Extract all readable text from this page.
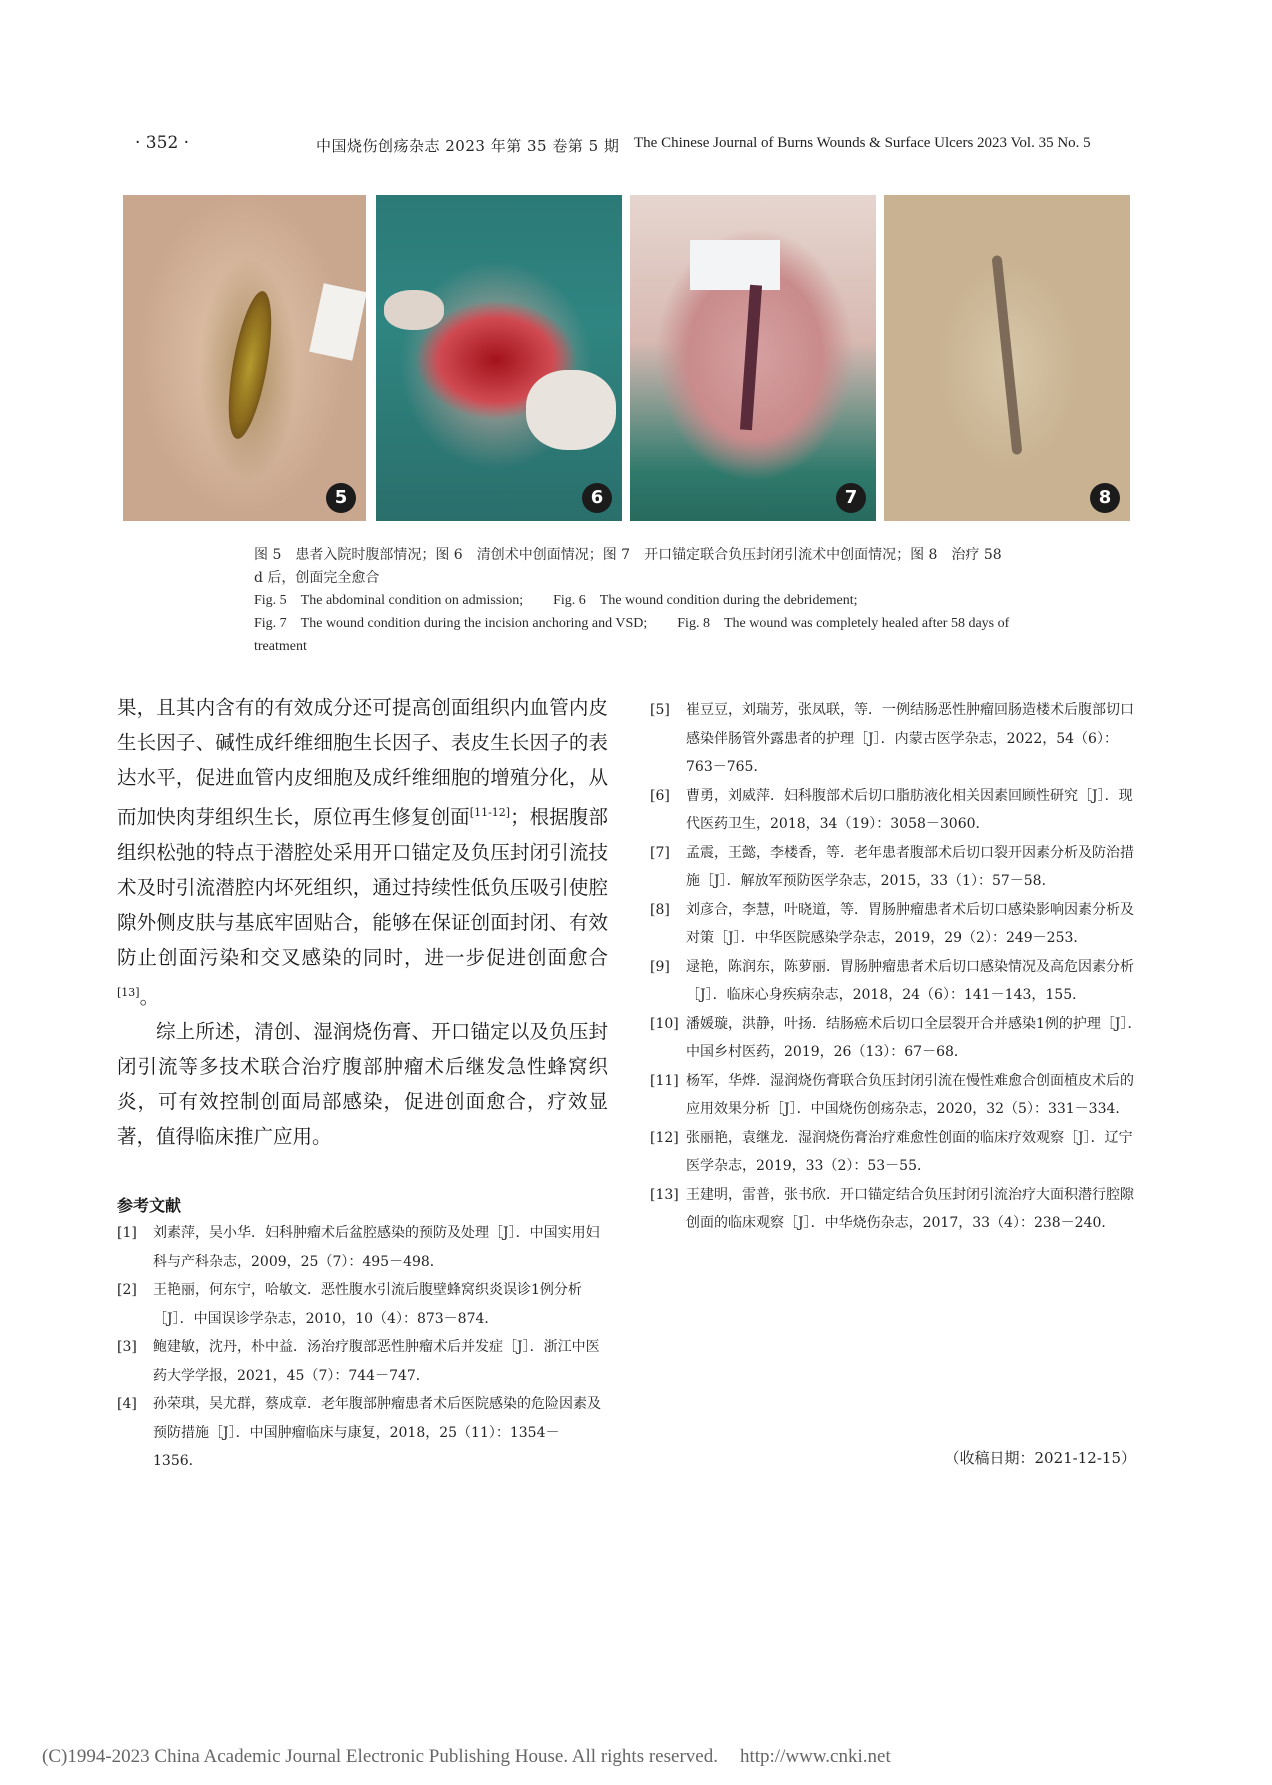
· 352 ·	中国烧伤创疡杂志 2023 年第 35 卷第 5 期 The Chinese Journal of Burns Wounds & Surface Ulcers 2023 Vol. 35 No. 5
5	6	7	8
图 5　患者入院时腹部情况；图 6　清创术中创面情况；图 7　开口锚定联合负压封闭引流术中创面情况；图 8　治疗 58 d 后，创面完全愈合
Fig. 5　The abdominal condition on admission; Fig. 6　The wound condition during the debridement;
Fig. 7　The wound condition during the incision anchoring and VSD; Fig. 8　The wound was completely healed after 58 days of treatment

果，且其内含有的有效成分还可提高创面组织内血管内皮生长因子、碱性成纤维细胞生长因子、表皮生长因子的表达水平，促进血管内皮细胞及成纤维细胞的增殖分化，从而加快肉芽组织生长，原位再生修复创面[11-12]；根据腹部组织松弛的特点于潜腔处采用开口锚定及负压封闭引流技术及时引流潜腔内坏死组织，通过持续性低负压吸引使腔隙外侧皮肤与基底牢固贴合，能够在保证创面封闭、有效防止创面污染和交叉感染的同时，进一步促进创面愈合[13]。

综上所述，清创、湿润烧伤膏、开口锚定以及负压封闭引流等多技术联合治疗腹部肿瘤术后继发急性蜂窝织炎，可有效控制创面局部感染，促进创面愈合，疗效显著，值得临床推广应用。

参考文献

[1] 刘素萍，吴小华．妇科肿瘤术后盆腔感染的预防及处理［J］．中国实用妇科与产科杂志，2009，25（7）：495－498．

[2] 王艳丽，何东宁，哈敏文．恶性腹水引流后腹壁蜂窝织炎误诊1例分析［J］．中国误诊学杂志，2010，10（4）：873－874．

[3] 鲍建敏，沈丹，朴中益．汤治疗腹部恶性肿瘤术后并发症［J］．浙江中医药大学学报，2021，45（7）：744－747．

[4] 孙荣琪，吴尤群，蔡成章．老年腹部肿瘤患者术后医院感染的危险因素及预防措施［J］．中国肿瘤临床与康复，2018，25（11）：1354－1356．

[5] 崔豆豆，刘瑞芳，张凤联，等．一例结肠恶性肿瘤回肠造楼术后腹部切口感染伴肠管外露患者的护理［J］．内蒙古医学杂志，2022，54（6）：763－765．

[6] 曹勇，刘威萍．妇科腹部术后切口脂肪液化相关因素回顾性研究［J］．现代医药卫生，2018，34（19）：3058－3060．

[7] 孟震，王懿，李楼香，等．老年患者腹部术后切口裂开因素分析及防治措施［J］．解放军预防医学杂志，2015，33（1）：57－58．

[8] 刘彦合，李慧，叶晓道，等．胃肠肿瘤患者术后切口感染影响因素分析及对策［J］．中华医院感染学杂志，2019，29（2）：249－253．

[9] 逯艳，陈润东，陈萝丽．胃肠肿瘤患者术后切口感染情况及高危因素分析［J］．临床心身疾病杂志，2018，24（6）：141－143，155．

[10] 潘媛璇，洪静，叶扬．结肠癌术后切口全层裂开合并感染1例的护理［J］．中国乡村医药，2019，26（13）：67－68．

[11] 杨军，华烨．湿润烧伤膏联合负压封闭引流在慢性难愈合创面植皮术后的应用效果分析［J］．中国烧伤创疡杂志，2020，32（5）：331－334．

[12] 张丽艳，袁继龙．湿润烧伤膏治疗难愈性创面的临床疗效观察［J］．辽宁医学杂志，2019，33（2）：53－55．

[13] 王建明，雷普，张书欣．开口锚定结合负压封闭引流治疗大面积潜行腔隙创面的临床观察［J］．中华烧伤杂志，2017，33（4）：238－240．

（收稿日期：2021-12-15）
(C)1994-2023 China Academic Journal Electronic Publishing House. All rights reserved. http://www.cnki.net
